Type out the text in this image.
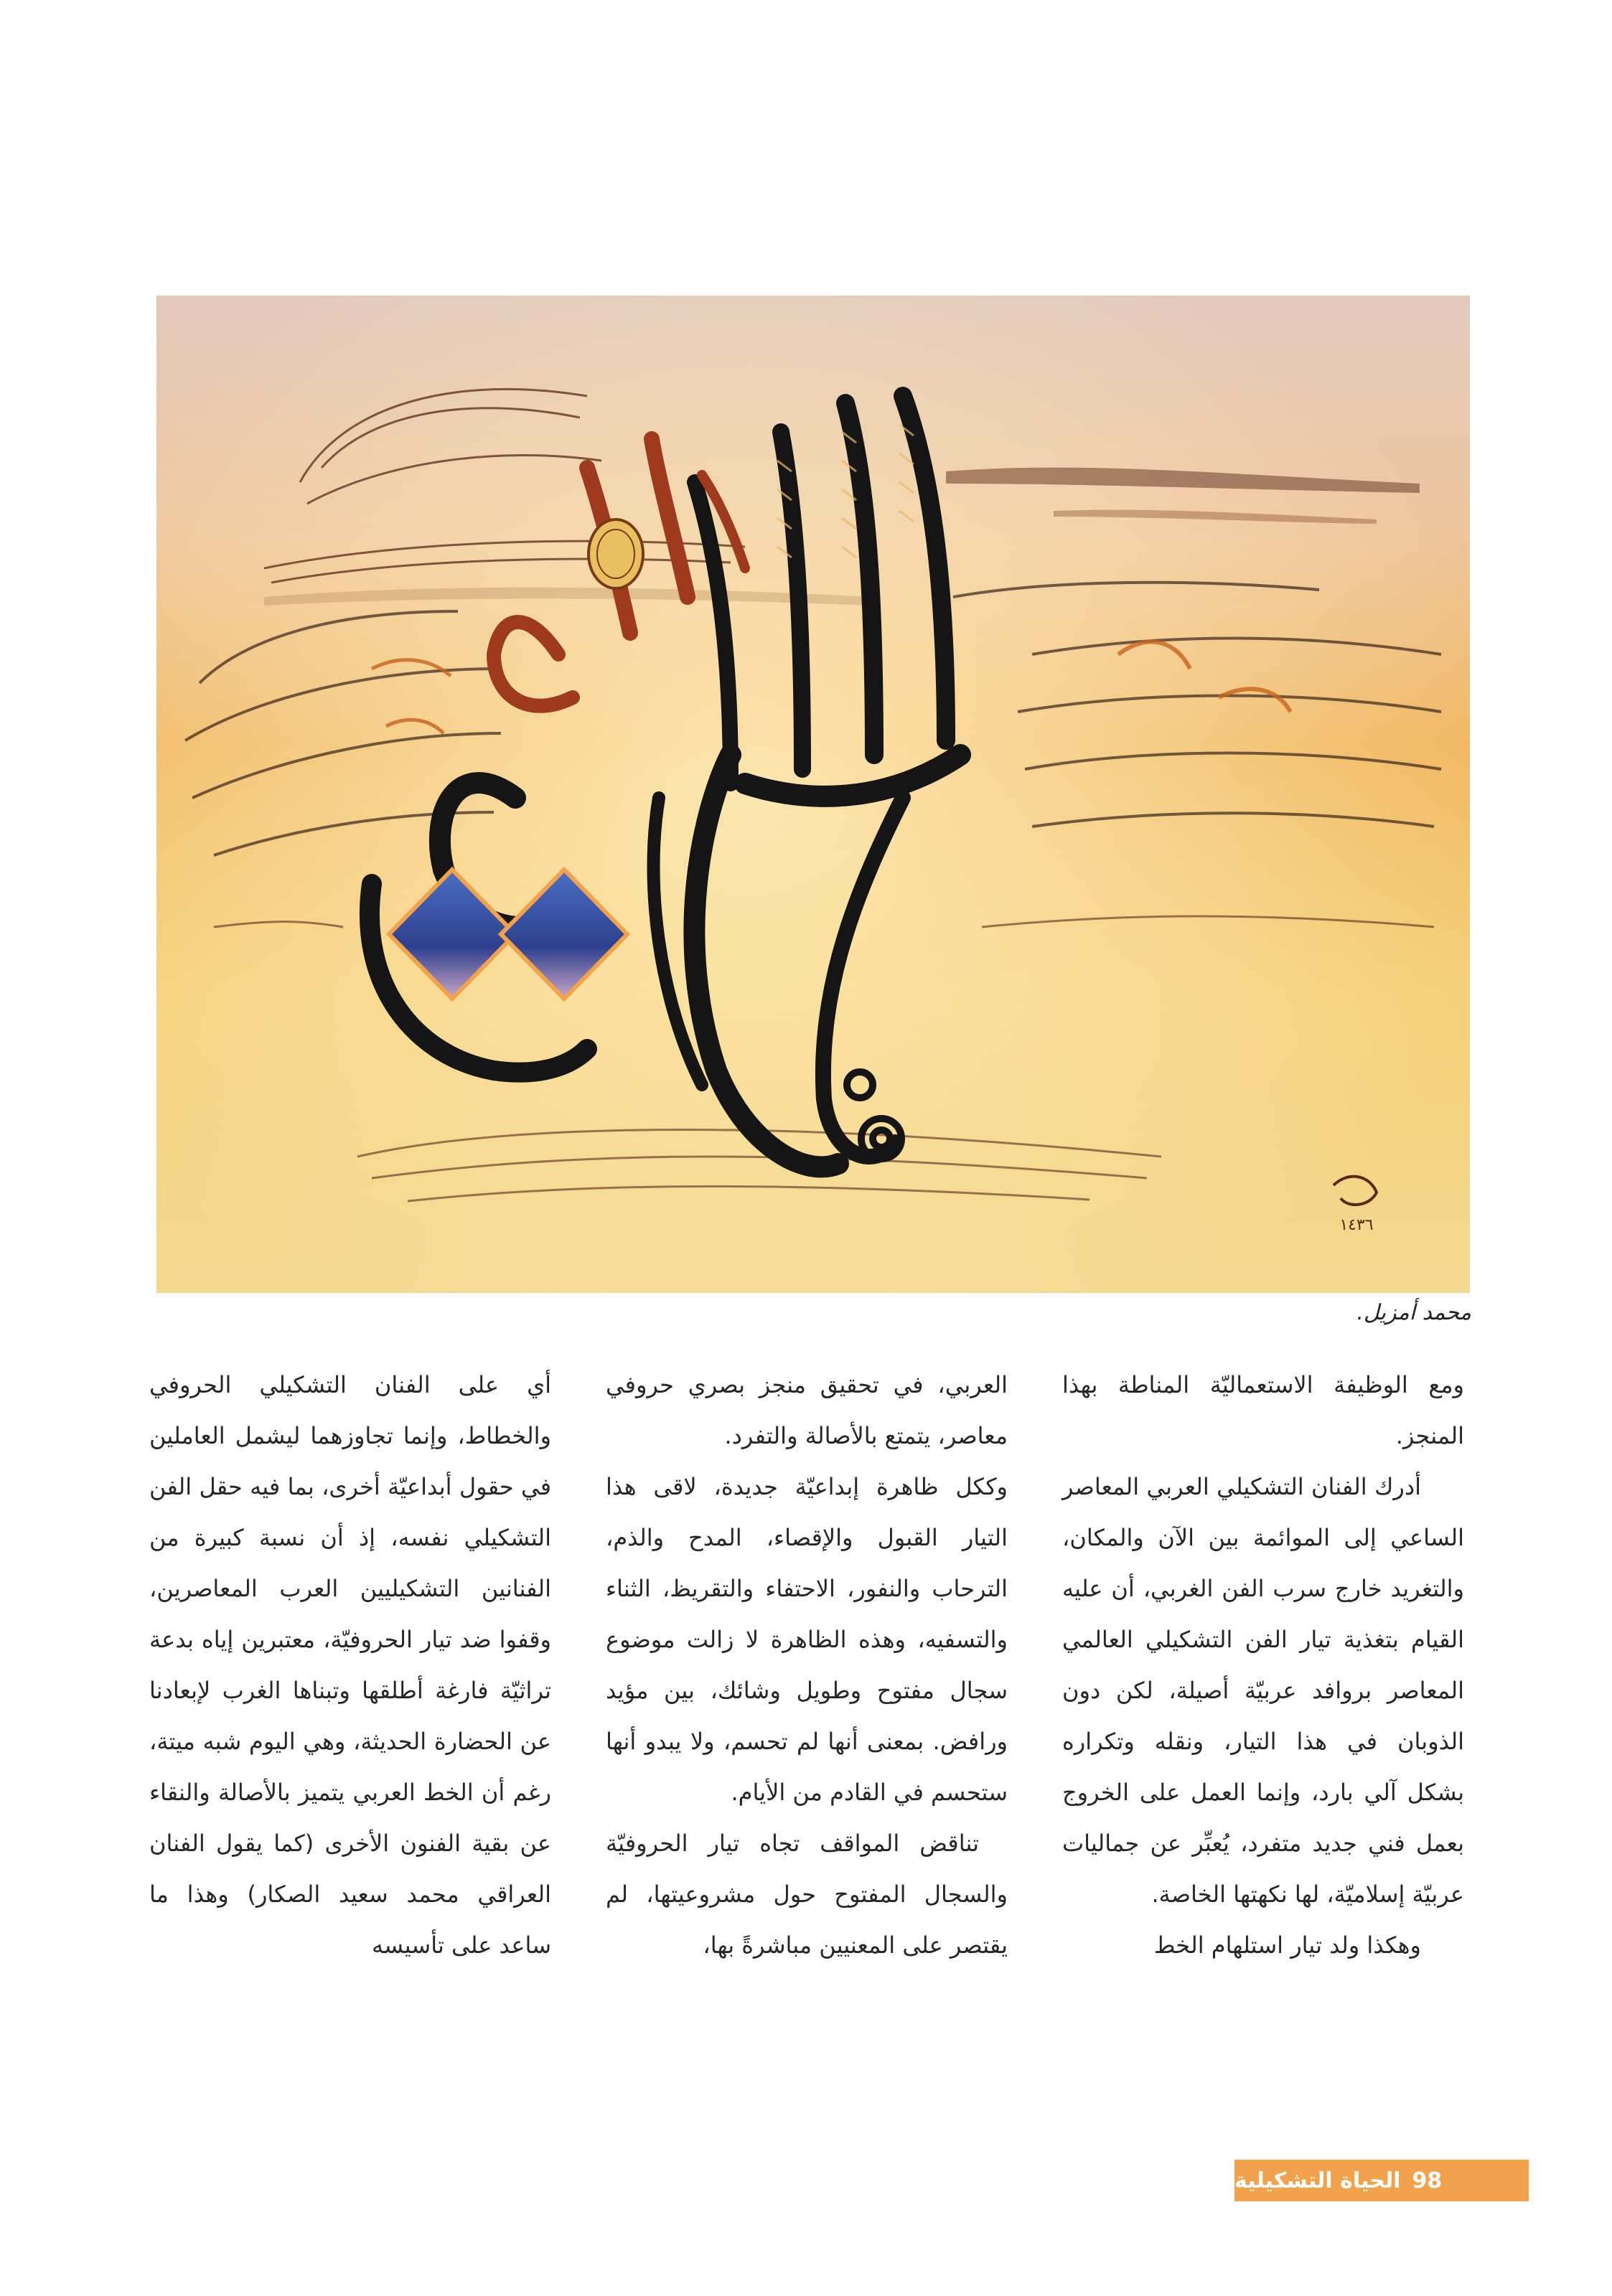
١٤٣٦
محمد أمزيل.

ومع الوظيفة الاستعماليّة المناطة بهذا المنجز.

أدرك الفنان التشكيلي العربي المعاصر الساعي إلى الموائمة بين الآن والمكان، والتغريد خارج سرب الفن الغربي، أن عليه القيام بتغذية تيار الفن التشكيلي العالمي المعاصر بروافد عربيّة أصيلة، لكن دون الذوبان في هذا التيار، ونقله وتكراره بشكل آلي بارد، وإنما العمل على الخروج بعمل فني جديد متفرد، يُعبِّر عن جماليات عربيّة إسلاميّة، لها نكهتها الخاصة.

وهكذا ولد تيار استلهام الخط

العربي، في تحقيق منجز بصري حروفي معاصر، يتمتع بالأصالة والتفرد.

وككل ظاهرة إبداعيّة جديدة، لاقى هذا التيار القبول والإقصاء، المدح والذم، الترحاب والنفور، الاحتفاء والتقريظ، الثناء والتسفيه، وهذه الظاهرة لا زالت موضوع سجال مفتوح وطويل وشائك، بين مؤيد ورافض. بمعنى أنها لم تحسم، ولا يبدو أنها ستحسم في القادم من الأيام.

تناقض المواقف تجاه تيار الحروفيّة والسجال المفتوح حول مشروعيتها، لم يقتصر على المعنيين مباشرةً بها،

أي على الفنان التشكيلي الحروفي والخطاط، وإنما تجاوزهما ليشمل العاملين في حقول أبداعيّة أخرى، بما فيه حقل الفن التشكيلي نفسه، إذ أن نسبة كبيرة من الفنانين التشكيليين العرب المعاصرين، وقفوا ضد تيار الحروفيّة، معتبرين إياه بدعة تراثيّة فارغة أطلقها وتبناها الغرب لإبعادنا عن الحضارة الحديثة، وهي اليوم شبه ميتة، رغم أن الخط العربي يتميز بالأصالة والنقاء عن بقية الفنون الأخرى (كما يقول الفنان العراقي محمد سعيد الصكار) وهذا ما ساعد على تأسيسه

98
الحياة التشكيلية
